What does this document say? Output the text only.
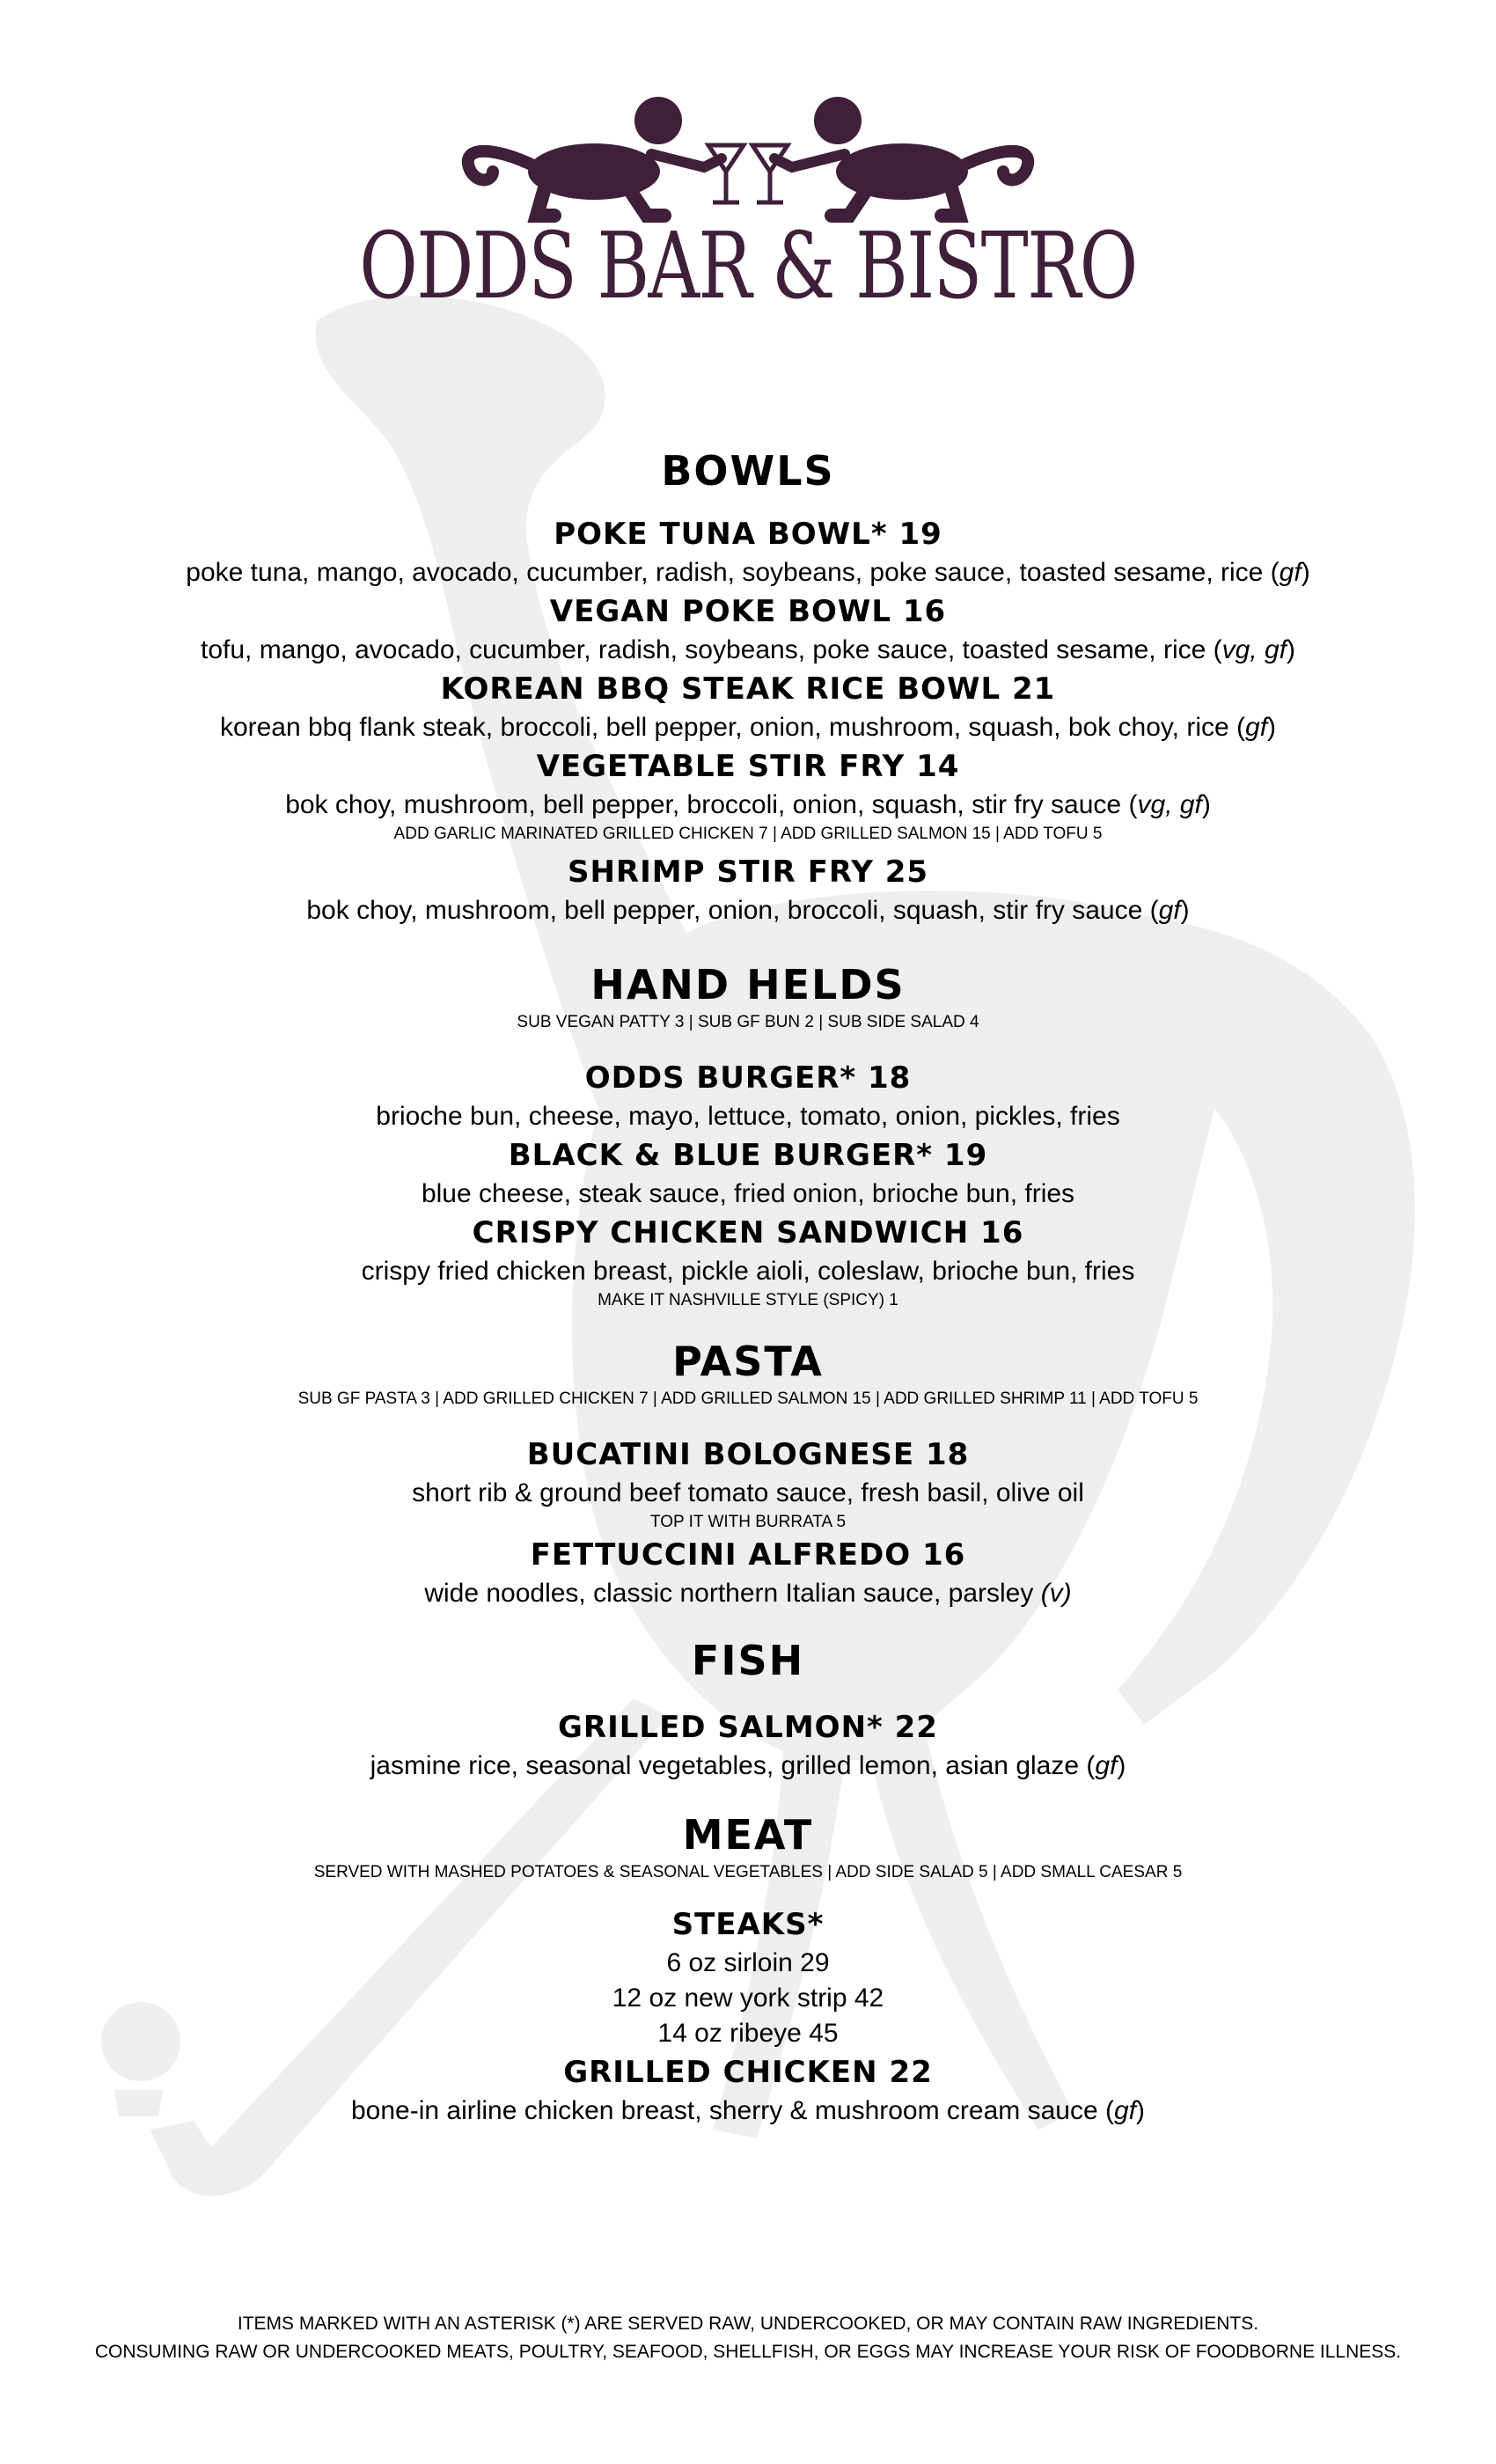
ODDS BAR & BISTRO
BOWLS
POKE TUNA BOWL* 19
poke tuna, mango, avocado, cucumber, radish, soybeans, poke sauce, toasted sesame, rice (gf)
VEGAN POKE BOWL 16
tofu, mango, avocado, cucumber, radish, soybeans, poke sauce, toasted sesame, rice (vg, gf)
KOREAN BBQ STEAK RICE BOWL 21
korean bbq flank steak, broccoli, bell pepper, onion, mushroom, squash, bok choy, rice (gf)
VEGETABLE STIR FRY 14
bok choy, mushroom, bell pepper, broccoli, onion, squash, stir fry sauce (vg, gf)
ADD GARLIC MARINATED GRILLED CHICKEN 7 | ADD GRILLED SALMON 15 | ADD TOFU 5
SHRIMP STIR FRY 25
bok choy, mushroom, bell pepper, onion, broccoli, squash, stir fry sauce (gf)
HAND HELDS
SUB VEGAN PATTY 3 | SUB GF BUN 2 | SUB SIDE SALAD 4
ODDS BURGER* 18
brioche bun, cheese, mayo, lettuce, tomato, onion, pickles, fries
BLACK & BLUE BURGER* 19
blue cheese, steak sauce, fried onion, brioche bun, fries
CRISPY CHICKEN SANDWICH 16
crispy fried chicken breast, pickle aioli, coleslaw, brioche bun, fries
MAKE IT NASHVILLE STYLE (SPICY) 1
PASTA
SUB GF PASTA 3 | ADD GRILLED CHICKEN 7 | ADD GRILLED SALMON 15 | ADD GRILLED SHRIMP 11 | ADD TOFU 5
BUCATINI BOLOGNESE 18
short rib & ground beef tomato sauce, fresh basil, olive oil
TOP IT WITH BURRATA 5
FETTUCCINI ALFREDO 16
wide noodles, classic northern Italian sauce, parsley (v)
FISH
GRILLED SALMON* 22
jasmine rice, seasonal vegetables, grilled lemon, asian glaze (gf)
MEAT
SERVED WITH MASHED POTATOES & SEASONAL VEGETABLES | ADD SIDE SALAD 5 | ADD SMALL CAESAR 5
STEAKS*
6 oz sirloin 29
12 oz new york strip 42
14 oz ribeye 45
GRILLED CHICKEN 22
bone-in airline chicken breast, sherry & mushroom cream sauce (gf)
ITEMS MARKED WITH AN ASTERISK (*) ARE SERVED RAW, UNDERCOOKED, OR MAY CONTAIN RAW INGREDIENTS.
CONSUMING RAW OR UNDERCOOKED MEATS, POULTRY, SEAFOOD, SHELLFISH, OR EGGS MAY INCREASE YOUR RISK OF FOODBORNE ILLNESS.
